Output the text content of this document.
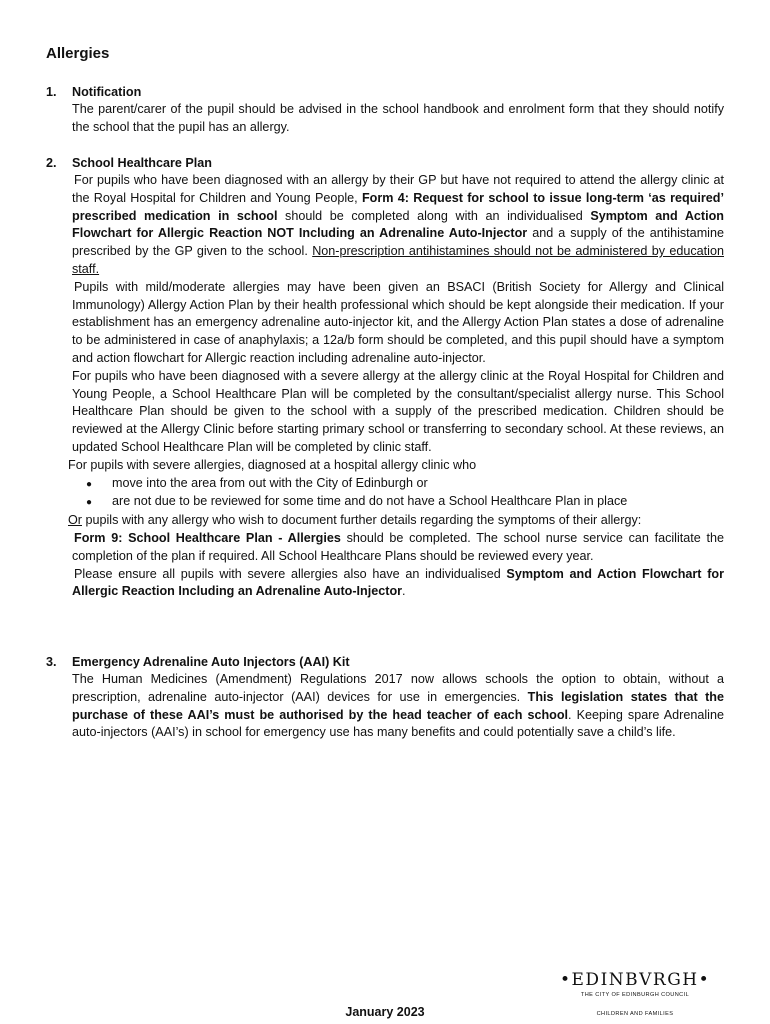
Allergies
1.	Notification

The parent/carer of the pupil should be advised in the school handbook and enrolment form that they should notify the school that the pupil has an allergy.

2.	School Healthcare Plan

For pupils who have been diagnosed with an allergy by their GP but have not required to attend the allergy clinic at the Royal Hospital for Children and Young People, Form 4: Request for school to issue long-term ‘as required’ prescribed medication in school should be completed along with an individualised Symptom and Action Flowchart for Allergic Reaction NOT Including an Adrenaline Auto-Injector and a supply of the antihistamine prescribed by the GP given to the school. Non-prescription antihistamines should not be administered by education staff.

Pupils with mild/moderate allergies may have been given an BSACI (British Society for Allergy and Clinical Immunology) Allergy Action Plan by their health professional which should be kept alongside their medication. If your establishment has an emergency adrenaline auto-injector kit, and the Allergy Action Plan states a dose of adrenaline to be administered in case of anaphylaxis; a 12a/b form should be completed, and this pupil should have a symptom and action flowchart for Allergic reaction including adrenaline auto-injector.

For pupils who have been diagnosed with a severe allergy at the allergy clinic at the Royal Hospital for Children and Young People, a School Healthcare Plan will be completed by the consultant/specialist allergy nurse. This School Healthcare Plan should be given to the school with a supply of the prescribed medication. Children should be reviewed at the Allergy Clinic before starting primary school or transferring to secondary school. At these reviews, an updated School Healthcare Plan will be completed by clinic staff.

For pupils with severe allergies, diagnosed at a hospital allergy clinic who

●	move into the area from out with the City of Edinburgh or
●	are not due to be reviewed for some time and do not have a School Healthcare Plan in place

Or pupils with any allergy who wish to document further details regarding the symptoms of their allergy:

Form 9: School Healthcare Plan - Allergies should be completed. The school nurse service can facilitate the completion of the plan if required. All School Healthcare Plans should be reviewed every year.

Please ensure all pupils with severe allergies also have an individualised Symptom and Action Flowchart for Allergic Reaction Including an Adrenaline Auto-Injector.

3.	Emergency Adrenaline Auto Injectors (AAI) Kit

The Human Medicines (Amendment) Regulations 2017 now allows schools the option to obtain, without a prescription, adrenaline auto-injector (AAI) devices for use in emergencies. This legislation states that the purchase of these AAI’s must be authorised by the head teacher of each school. Keeping spare Adrenaline auto-injectors (AAI’s) in school for emergency use has many benefits and could potentially save a child’s life.

January 2023
•EDINBVRGH•
THE CITY OF EDINBURGH COUNCIL
CHILDREN AND FAMILIES
